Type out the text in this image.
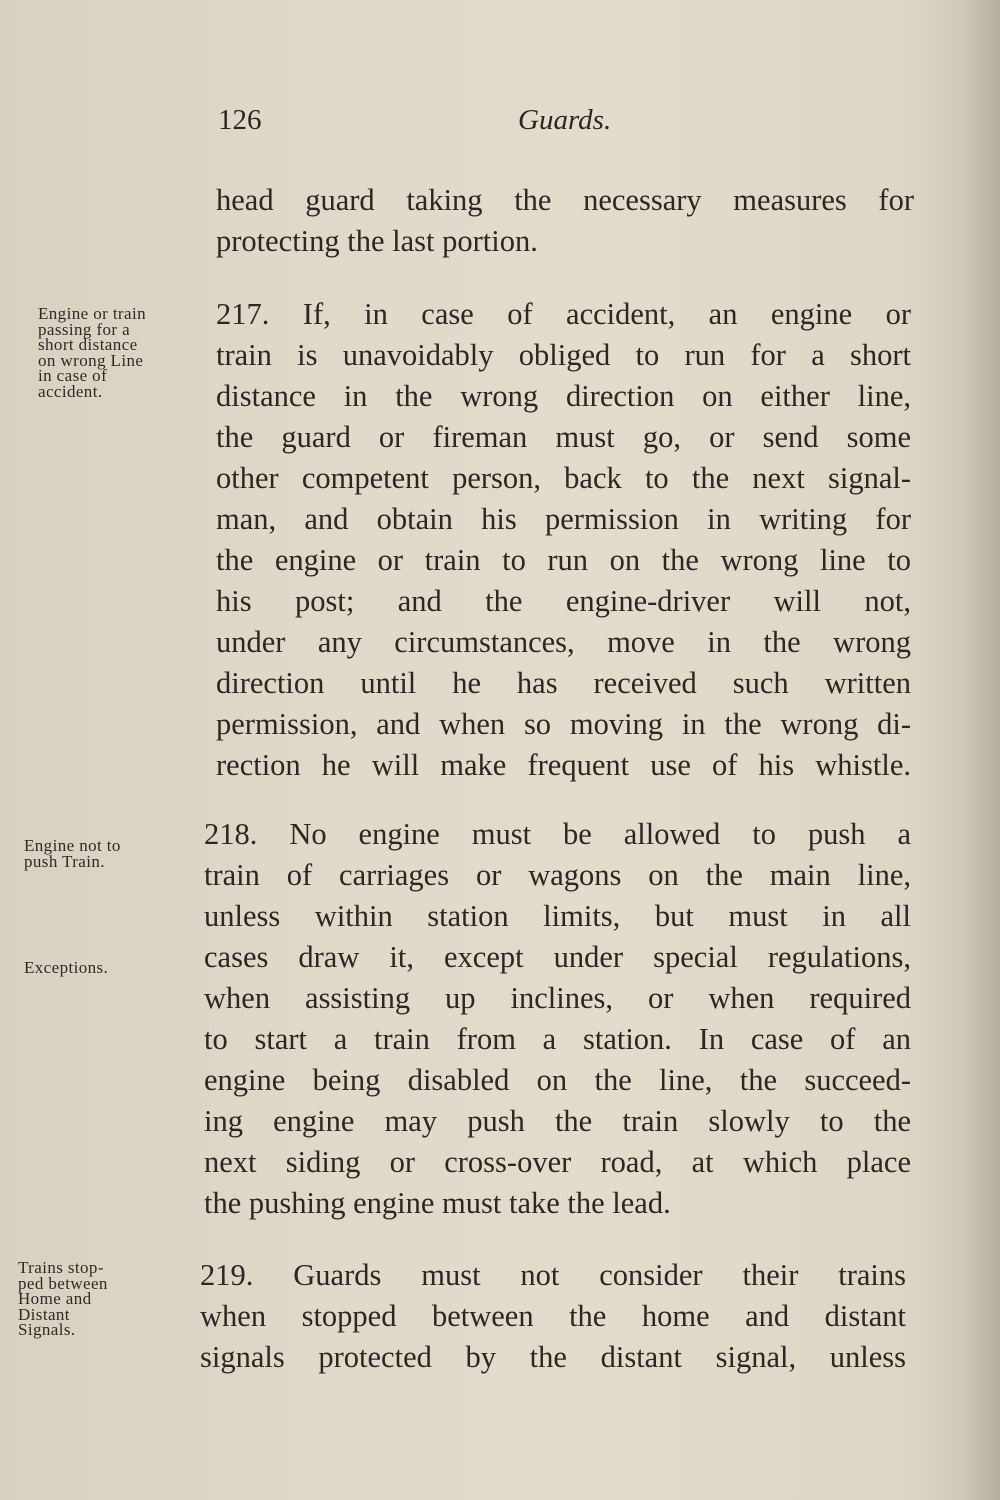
126	Guards.
head guard taking the necessary measures for
protecting the last portion.
Engine or train
passing for a
short distance
on wrong Line
in case of
accident.
217. If, in case of accident, an engine or
train is unavoidably obliged to run for a short
distance in the wrong direction on either line,
the guard or fireman must go, or send some
other competent person, back to the next signal-
man, and obtain his permission in writing for
the engine or train to run on the wrong line to
his post; and the engine-driver will not,
under any circumstances, move in the wrong
direction until he has received such written
permission, and when so moving in the wrong di-
rection he will make frequent use of his whistle.
Engine not to
push Train.
Exceptions.
218. No engine must be allowed to push a
train of carriages or wagons on the main line,
unless within station limits, but must in all
cases draw it, except under special regulations,
when assisting up inclines, or when required
to start a train from a station. In case of an
engine being disabled on the line, the succeed-
ing engine may push the train slowly to the
next siding or cross-over road, at which place
the pushing engine must take the lead.
Trains stop-
ped between
Home and
Distant
Signals.
219. Guards must not consider their trains
when stopped between the home and distant
signals protected by the distant signal, unless
